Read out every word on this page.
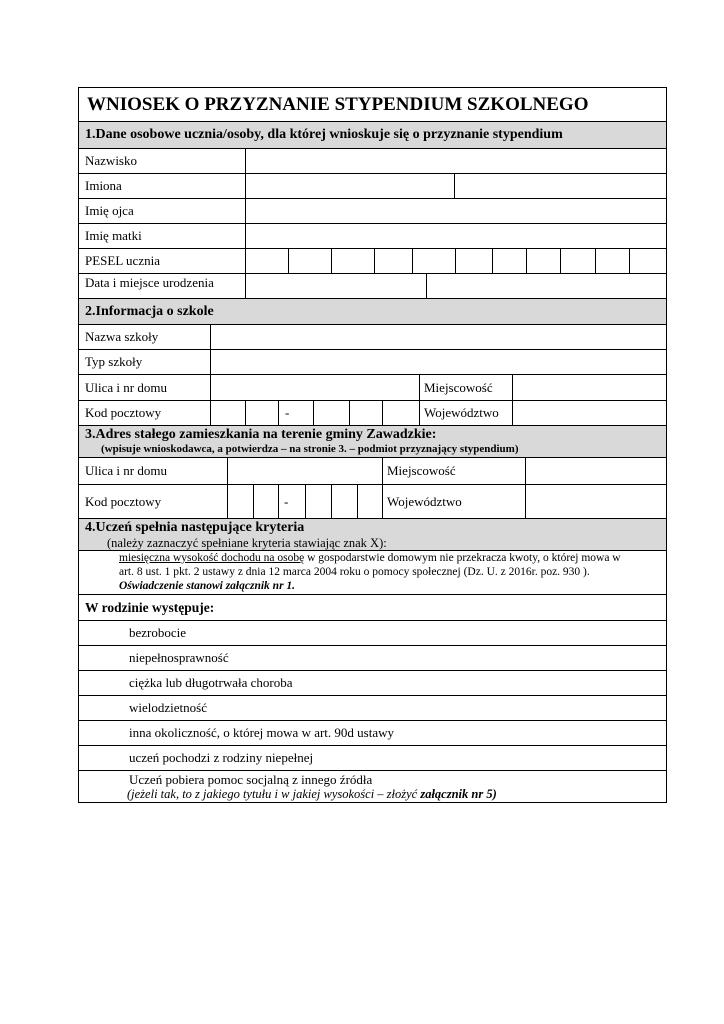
WNIOSEK O PRZYZNANIE STYPENDIUM SZKOLNEGO
1.Dane osobowe ucznia/osoby, dla której wnioskuje się o przyznanie stypendium
Nazwisko
Imiona
Imię ojca
Imię matki
PESEL ucznia
Data i miejsce urodzenia
2.Informacja o szkole
Nazwa szkoły
Typ szkoły
Ulica i nr domu	Miejscowość
Kod pocztowy	-	Województwo
3.Adres stałego zamieszkania na terenie gminy Zawadzkie:
(wpisuje wnioskodawca, a potwierdza – na stronie 3. – podmiot przyznający stypendium)
Ulica i nr domu	Miejscowość
Kod pocztowy	-	Województwo
4.Uczeń spełnia następujące kryteria
(należy zaznaczyć spełniane kryteria stawiając znak X):
miesięczna wysokość dochodu na osobę w gospodarstwie domowym nie przekracza kwoty, o której mowa w
art. 8 ust. 1 pkt. 2 ustawy z dnia 12 marca 2004 roku o pomocy społecznej (Dz. U. z 2016r. poz. 930 ).
Oświadczenie stanowi załącznik nr 1.
W rodzinie występuje:
bezrobocie
niepełnosprawność
ciężka lub długotrwała choroba
wielodzietność
inna okoliczność, o której mowa w art. 90d ustawy
uczeń pochodzi z rodziny niepełnej
Uczeń pobiera pomoc socjalną z innego źródła
(jeżeli tak, to z jakiego tytułu i w jakiej wysokości – złożyć załącznik nr 5)
